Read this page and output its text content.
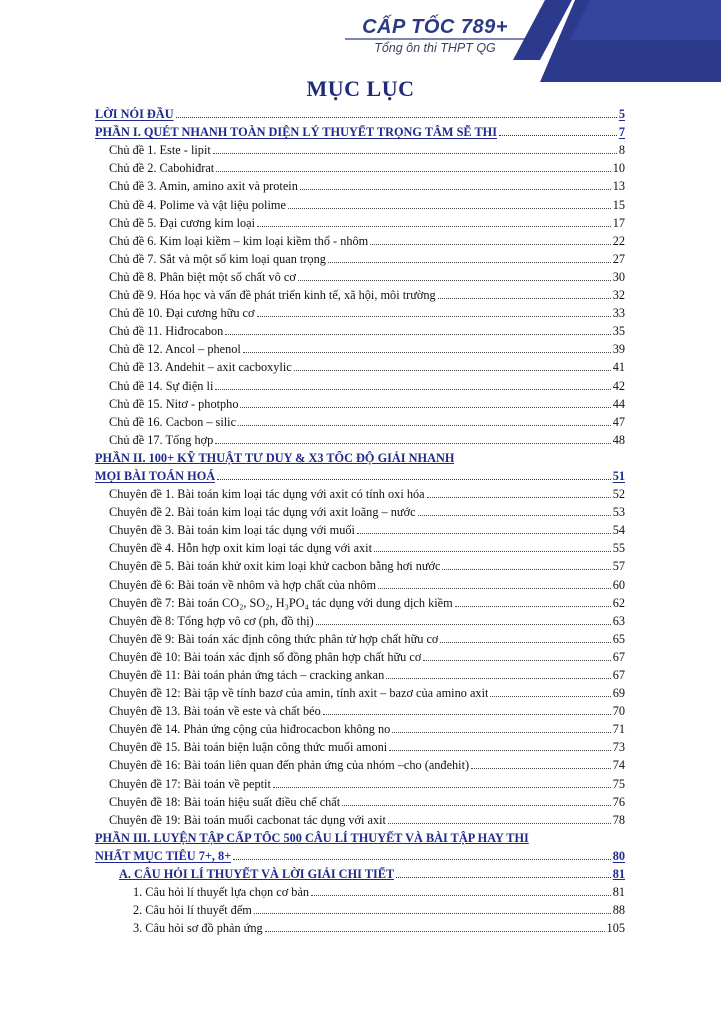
CẤP TỐC 789+
Tổng ôn thi THPT QG
MỤC LỤC
LỜI NÓI ĐẦU	5
PHẦN I. QUÉT NHANH TOÀN DIỆN LÝ THUYẾT TRỌNG TÂM SẼ THI	7
Chủ đề 1. Este - lipit	8
Chủ đề 2. Cabohiđrat	10
Chủ đề 3. Amin, amino axit và protein	13
Chủ đề 4. Polime và vật liệu polime	15
Chủ đề 5. Đại cương kim loại	17
Chủ đề 6. Kim loại kiềm – kim loại kiềm thổ - nhôm	22
Chủ đề 7. Sắt và một số kim loại quan trọng	27
Chủ đề 8. Phân biệt một số chất vô cơ	30
Chủ đề 9. Hóa học và vấn đề phát triển kinh tế, xã hội, môi trường	32
Chủ đề 10. Đại cương hữu cơ	33
Chủ đề 11. Hiđrocabon	35
Chủ đề 12. Ancol – phenol	39
Chủ đề 13. Andehit – axit cacboxylic	41
Chủ đề 14. Sự điện li	42
Chủ đề 15. Nitơ - photpho	44
Chủ đề 16. Cacbon – silic	47
Chủ đề 17. Tổng hợp	48
PHẦN II. 100+ KỸ THUẬT TƯ DUY & X3 TỐC ĐỘ GIẢI NHANH
MỌI BÀI TOÁN HOÁ	51
Chuyên đề 1. Bài toán kim loại tác dụng với axit có tính oxi hóa	52
Chuyên đề 2. Bài toán kim loại tác dụng với axit loãng – nước	53
Chuyên đề 3. Bài toán kim loại tác dụng với muối	54
Chuyên đề 4. Hỗn hợp oxit kim loại tác dụng với axit	55
Chuyên đề 5. Bài toán khử oxit kim loại khử cacbon bằng hơi nước	57
Chuyên đề 6: Bài toán về nhôm và hợp chất của nhôm	60
Chuyên đề 7: Bài toán CO₂, SO₂, H₃PO₄ tác dụng với dung dịch kiềm	62
Chuyên đề 8: Tổng hợp vô cơ (ph, đồ thị)	63
Chuyên đề 9: Bài toán xác định công thức phân tử hợp chất hữu cơ	65
Chuyên đề 10: Bài toán xác định số đồng phân hợp chất hữu cơ	67
Chuyên đề 11: Bài toán phản ứng tách – cracking ankan	67
Chuyên đề 12: Bài tập về tính bazơ của amin, tính axit – bazơ của amino axit	69
Chuyên đề 13. Bài toán về este và chất béo	70
Chuyên đề 14. Phản ứng cộng của hiđrocacbon không no	71
Chuyên đề 15. Bài toán biện luận công thức muối amoni	73
Chuyên đề 16: Bài toán liên quan đến phản ứng của nhóm –cho (anđehit)	74
Chuyên đề 17: Bài toán về peptit	75
Chuyên đề 18: Bài toán hiệu suất điều chế chất	76
Chuyên đề 19: Bài toán muối cacbonat tác dụng với axit	78
PHẦN III. LUYỆN TẬP CẤP TỐC 500 CÂU LÍ THUYẾT VÀ BÀI TẬP HAY THI
NHẤT MỤC TIÊU 7+, 8+	80
A. CÂU HỎI LÍ THUYẾT VÀ LỜI GIẢI CHI TIẾT	81
1. Câu hỏi lí thuyết lựa chọn cơ bản	81
2. Câu hỏi lí thuyết đếm	88
3. Câu hỏi sơ đồ phản ứng	105
